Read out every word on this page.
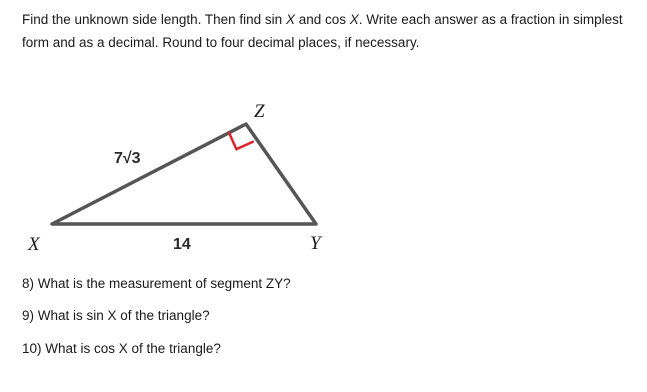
Find the unknown side length. Then find sin X and cos X. Write each answer as a fraction in simplest form and as a decimal. Round to four decimal places, if necessary.

X	Y
Z
7√3
14

8) What is the measurement of segment ZY?

9) What is sin X of the triangle?

10) What is cos X of the triangle?
